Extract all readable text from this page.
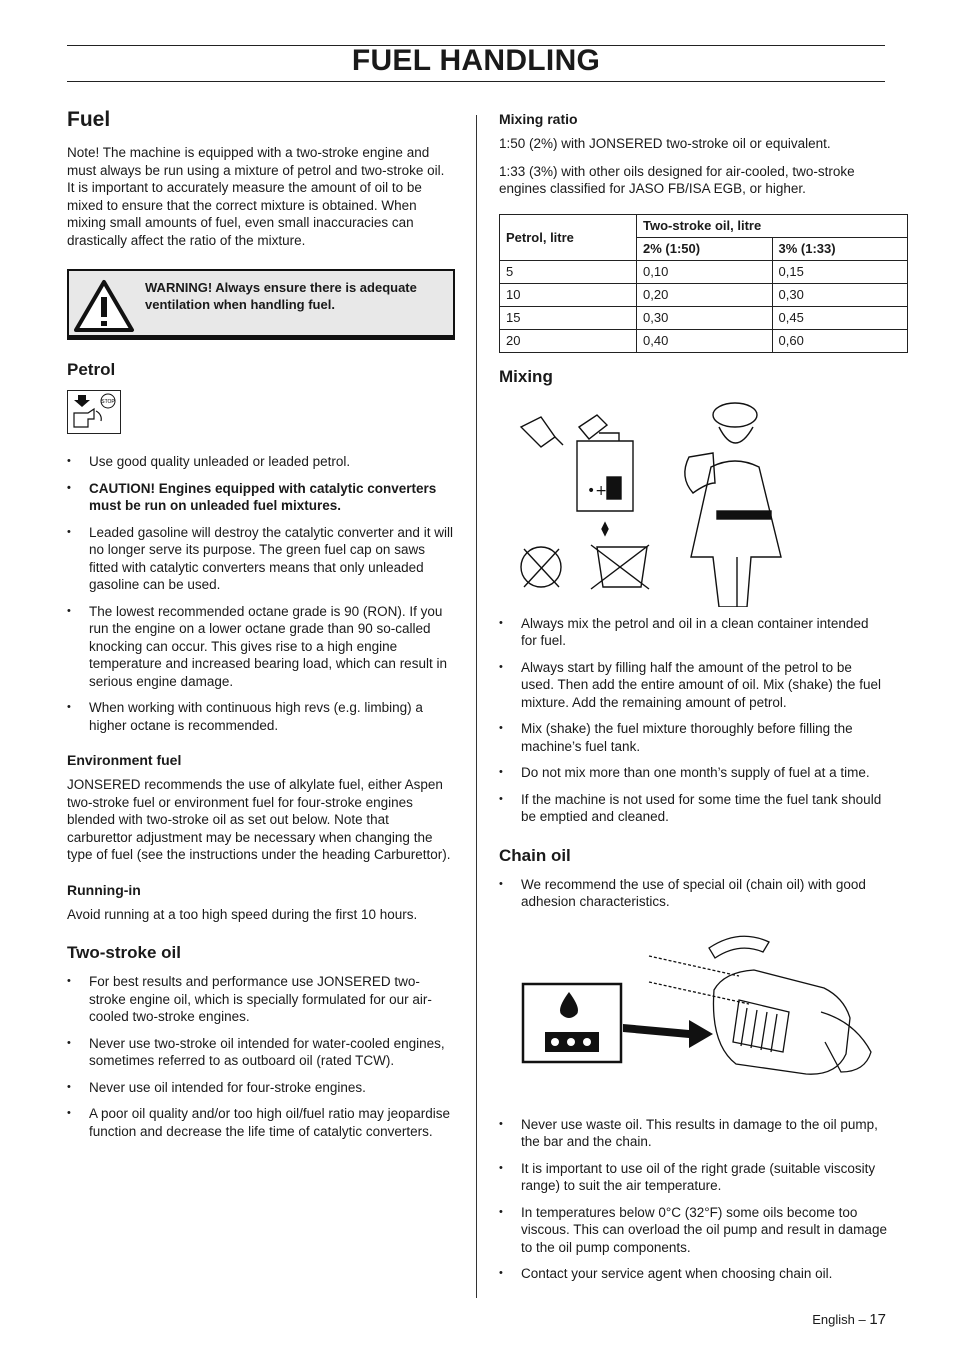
FUEL HANDLING
Fuel

Note! The machine is equipped with a two-stroke engine and must always be run using a mixture of petrol and two-stroke oil. It is important to accurately measure the amount of oil to be mixed to ensure that the correct mixture is obtained. When mixing small amounts of fuel, even small inaccuracies can drastically affect the ratio of the mixture.

WARNING! Always ensure there is adequate ventilation when handling fuel.
Petrol
STOP
• Use good quality unleaded or leaded petrol.
• CAUTION! Engines equipped with catalytic converters must be run on unleaded fuel mixtures.
• Leaded gasoline will destroy the catalytic converter and it will no longer serve its purpose. The green fuel cap on saws fitted with catalytic converters means that only unleaded gasoline can be used.
• The lowest recommended octane grade is 90 (RON). If you run the engine on a lower octane grade than 90 so-called knocking can occur. This gives rise to a high engine temperature and increased bearing load, which can result in serious engine damage.
• When working with continuous high revs (e.g. limbing) a higher octane is recommended.
Environment fuel

JONSERED recommends the use of alkylate fuel, either Aspen two-stroke fuel or environment fuel for four-stroke engines blended with two-stroke oil as set out below. Note that carburettor adjustment may be necessary when changing the type of fuel (see the instructions under the heading Carburettor).

Running-in

Avoid running at a too high speed during the first 10 hours.

Two-stroke oil
• For best results and performance use JONSERED two-stroke engine oil, which is specially formulated for our air-cooled two-stroke engines.
• Never use two-stroke oil intended for water-cooled engines, sometimes referred to as outboard oil (rated TCW).
• Never use oil intended for four-stroke engines.
• A poor oil quality and/or too high oil/fuel ratio may jeopardise function and decrease the life time of catalytic converters.
Mixing ratio

1:50 (2%) with JONSERED two-stroke oil or equivalent.

1:33 (3%) with other oils designed for air-cooled, two-stroke engines classified for JASO FB/ISA EGB, or higher.

Petrol, litre	Two-stroke oil, litre	
	2% (1:50)	3% (1:33)
5	0,10	0,15
10	0,20	0,30
15	0,30	0,45
20	0,40	0,60
Mixing
•+
• Always mix the petrol and oil in a clean container intended for fuel.
• Always start by filling half the amount of the petrol to be used. Then add the entire amount of oil. Mix (shake) the fuel mixture. Add the remaining amount of petrol.
• Mix (shake) the fuel mixture thoroughly before filling the machine’s fuel tank.
• Do not mix more than one month’s supply of fuel at a time.
• If the machine is not used for some time the fuel tank should be emptied and cleaned.
Chain oil
• We recommend the use of special oil (chain oil) with good adhesion characteristics.
• Never use waste oil. This results in damage to the oil pump, the bar and the chain.
• It is important to use oil of the right grade (suitable viscosity range) to suit the air temperature.
• In temperatures below 0°C (32°F) some oils become too viscous. This can overload the oil pump and result in damage to the oil pump components.
• Contact your service agent when choosing chain oil.
English – 17
